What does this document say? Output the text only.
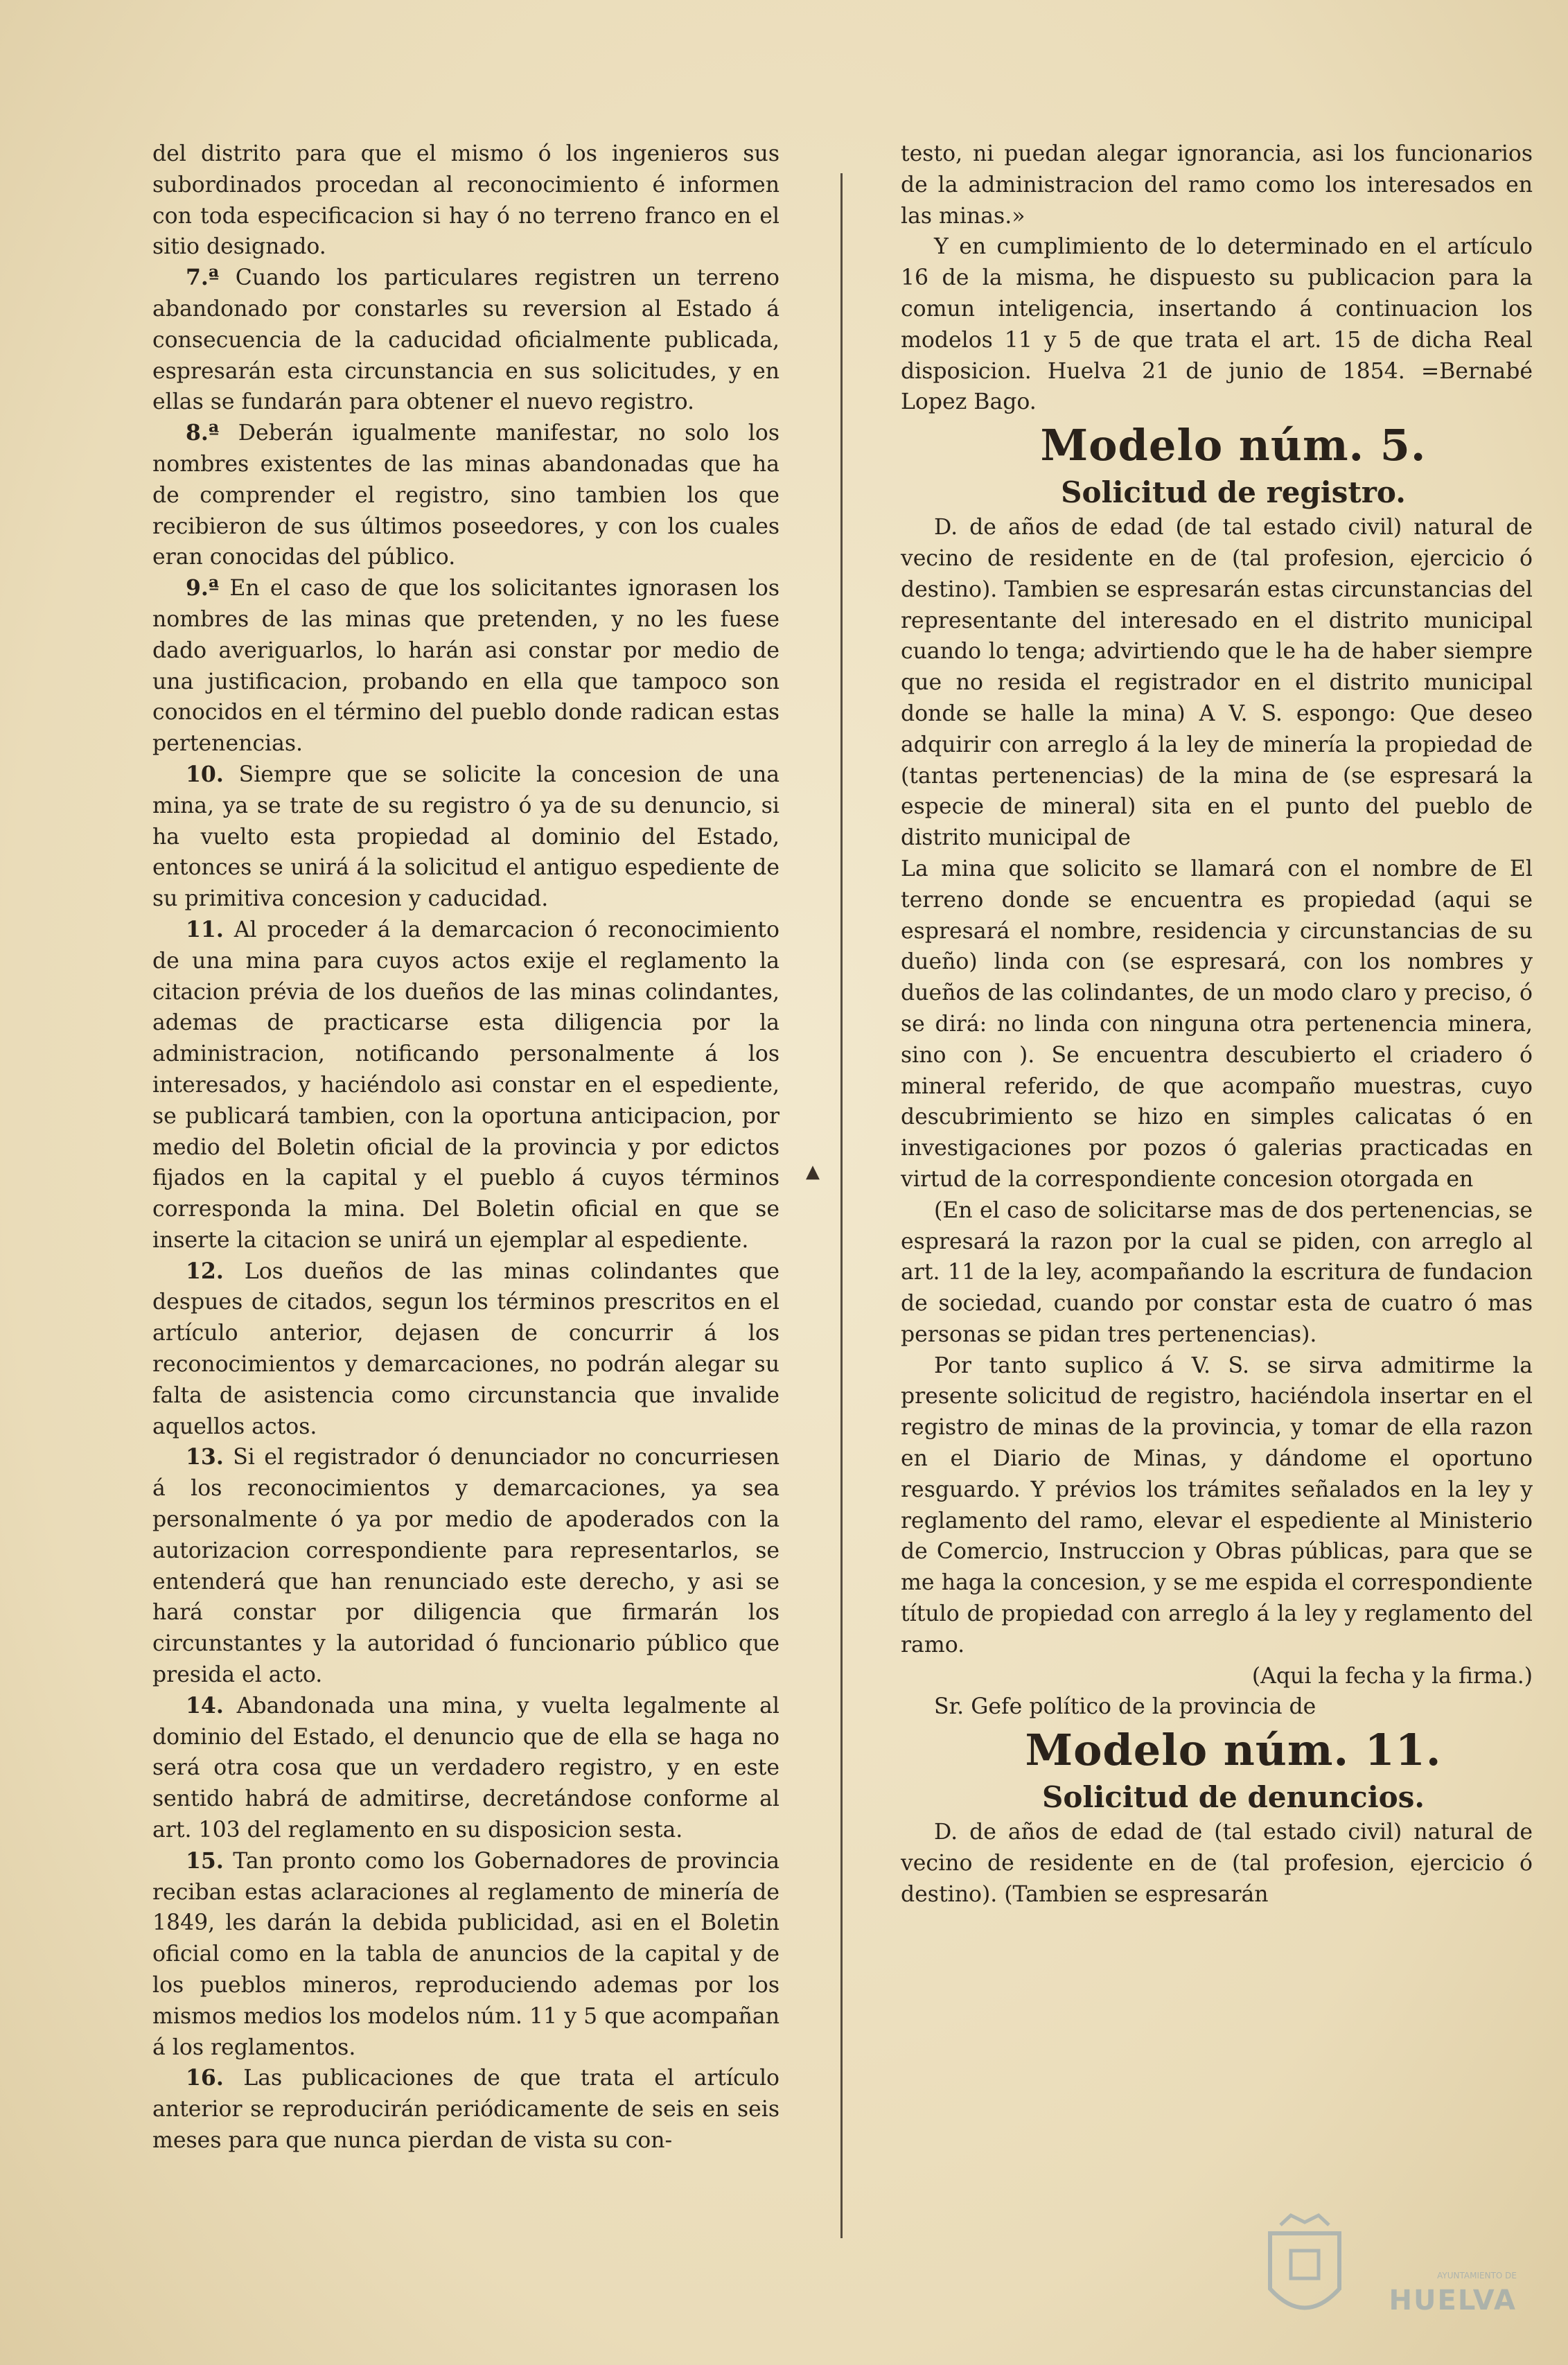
del distrito para que el mismo ó los ingenieros sus subordinados procedan al reconocimiento é informen con toda especificacion si hay ó no terreno franco en el sitio designado.

7.ª Cuando los particulares registren un terreno abandonado por constarles su reversion al Estado á consecuencia de la caducidad oficialmente publicada, espresarán esta circunstancia en sus solicitudes, y en ellas se fundarán para obtener el nuevo registro.

8.ª Deberán igualmente manifestar, no solo los nombres existentes de las minas abandonadas que ha de comprender el registro, sino tambien los que recibieron de sus últimos poseedores, y con los cuales eran conocidas del público.

9.ª En el caso de que los solicitantes ignorasen los nombres de las minas que pretenden, y no les fuese dado averiguarlos, lo harán asi constar por medio de una justificacion, probando en ella que tampoco son conocidos en el término del pueblo donde radican estas pertenencias.

10. Siempre que se solicite la concesion de una mina, ya se trate de su registro ó ya de su denuncio, si ha vuelto esta propiedad al dominio del Estado, entonces se unirá á la solicitud el antiguo espediente de su primitiva concesion y caducidad.

11. Al proceder á la demarcacion ó reconocimiento de una mina para cuyos actos exije el reglamento la citacion prévia de los dueños de las minas colindantes, ademas de practicarse esta diligencia por la administracion, notificando personalmente á los interesados, y haciéndolo asi constar en el espediente, se publicará tambien, con la oportuna anticipacion, por medio del Boletin oficial de la provincia y por edictos fijados en la capital y el pueblo á cuyos términos corresponda la mina. Del Boletin oficial en que se inserte la citacion se unirá un ejemplar al espediente.

12. Los dueños de las minas colindantes que despues de citados, segun los términos prescritos en el artículo anterior, dejasen de concurrir á los reconocimientos y demarcaciones, no podrán alegar su falta de asistencia como circunstancia que invalide aquellos actos.

13. Si el registrador ó denunciador no concurriesen á los reconocimientos y demarcaciones, ya sea personalmente ó ya por medio de apoderados con la autorizacion correspondiente para representarlos, se entenderá que han renunciado este derecho, y asi se hará constar por diligencia que firmarán los circunstantes y la autoridad ó funcionario público que presida el acto.

14. Abandonada una mina, y vuelta legalmente al dominio del Estado, el denuncio que de ella se haga no será otra cosa que un verdadero registro, y en este sentido habrá de admitirse, decretándose conforme al art. 103 del reglamento en su disposicion sesta.

15. Tan pronto como los Gobernadores de provincia reciban estas aclaraciones al reglamento de minería de 1849, les darán la debida publicidad, asi en el Boletin oficial como en la tabla de anuncios de la capital y de los pueblos mineros, reproduciendo ademas por los mismos medios los modelos núm. 11 y 5 que acompañan á los reglamentos.

16. Las publicaciones de que trata el artículo anterior se reproducirán periódicamente de seis en seis meses para que nunca pierdan de vista su con-

▲

testo, ni puedan alegar ignorancia, asi los funcionarios de la administracion del ramo como los interesados en las minas.»

Y en cumplimiento de lo determinado en el artículo 16 de la misma, he dispuesto su publicacion para la comun inteligencia, insertando á continuacion los modelos 11 y 5 de que trata el art. 15 de dicha Real disposicion. Huelva 21 de junio de 1854. =Bernabé Lopez Bago.

Modelo núm. 5.

Solicitud de registro.

D. de años de edad (de tal estado civil) natural de vecino de residente en de (tal profesion, ejercicio ó destino). Tambien se espresarán estas circunstancias del representante del interesado en el distrito municipal cuando lo tenga; advirtiendo que le ha de haber siempre que no resida el registrador en el distrito municipal donde se halle la mina) A V. S. espongo: Que deseo adquirir con arreglo á la ley de minería la propiedad de (tantas pertenencias) de la mina de (se espresará la especie de mineral) sita en el punto del pueblo de distrito municipal de

La mina que solicito se llamará con el nombre de El terreno donde se encuentra es propiedad (aqui se espresará el nombre, residencia y circunstancias de su dueño) linda con (se espresará, con los nombres y dueños de las colindantes, de un modo claro y preciso, ó se dirá: no linda con ninguna otra pertenencia minera, sino con ). Se encuentra descubierto el criadero ó mineral referido, de que acompaño muestras, cuyo descubrimiento se hizo en simples calicatas ó en investigaciones por pozos ó galerias practicadas en virtud de la correspondiente concesion otorgada en

(En el caso de solicitarse mas de dos pertenencias, se espresará la razon por la cual se piden, con arreglo al art. 11 de la ley, acompañando la escritura de fundacion de sociedad, cuando por constar esta de cuatro ó mas personas se pidan tres pertenencias).

Por tanto suplico á V. S. se sirva admitirme la presente solicitud de registro, haciéndola insertar en el registro de minas de la provincia, y tomar de ella razon en el Diario de Minas, y dándome el oportuno resguardo. Y prévios los trámites señalados en la ley y reglamento del ramo, elevar el espediente al Ministerio de Comercio, Instruccion y Obras públicas, para que se me haga la concesion, y se me espida el correspondiente título de propiedad con arreglo á la ley y reglamento del ramo.

(Aqui la fecha y la firma.)

Sr. Gefe político de la provincia de

Modelo núm. 11.

Solicitud de denuncios.

D. de años de edad de (tal estado civil) natural de vecino de residente en de (tal profesion, ejercicio ó destino). (Tambien se espresarán

AYUNTAMIENTO DE
HUELVA
